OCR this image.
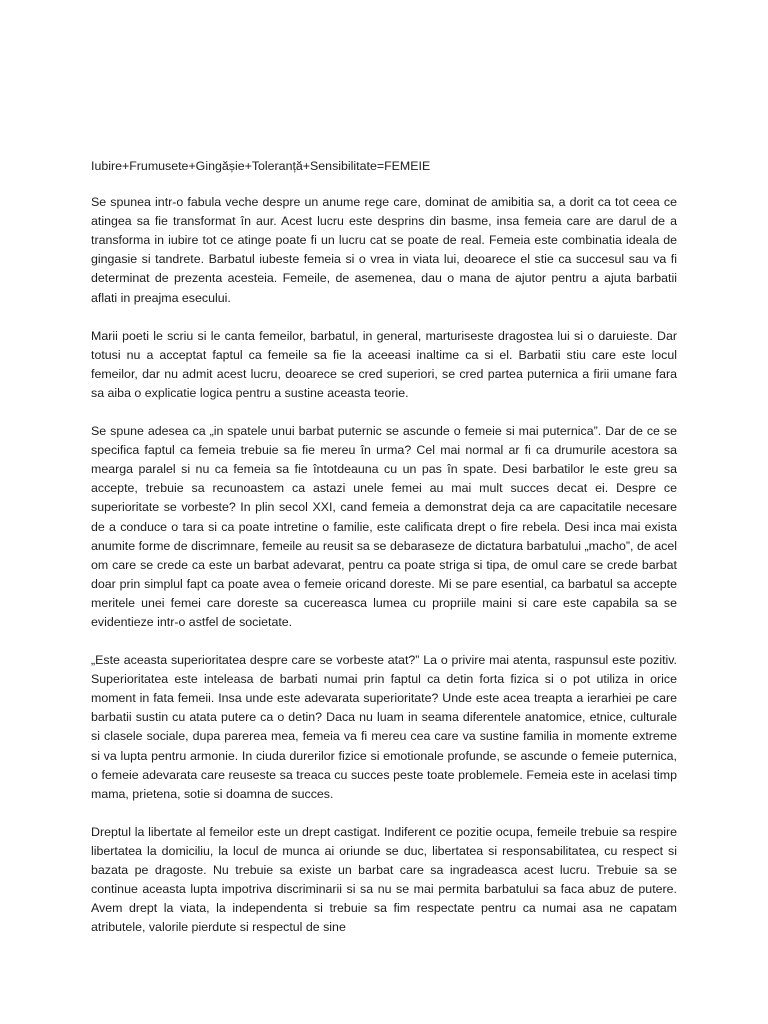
Iubire+Frumusete+Gingășie+Toleranță+Sensibilitate=FEMEIE

Se spunea intr-o fabula veche despre un anume rege care, dominat de amibitia sa, a dorit ca tot ceea ce atingea sa fie transformat în aur. Acest lucru este desprins din basme, insa femeia care are darul de a transforma in iubire tot ce atinge poate fi un lucru cat se poate de real. Femeia este combinatia ideala de gingasie si tandrete. Barbatul iubeste femeia si o vrea in viata lui, deoarece el stie ca succesul sau va fi determinat de prezenta acesteia. Femeile, de asemenea, dau o mana de ajutor pentru a ajuta barbatii aflati in preajma esecului.

Marii poeti le scriu si le canta femeilor, barbatul, in general, marturiseste dragostea lui si o daruieste. Dar totusi nu a acceptat faptul ca femeile sa fie la aceeasi inaltime ca si el. Barbatii stiu care este locul femeilor, dar nu admit acest lucru, deoarece se cred superiori, se cred partea puternica a firii umane fara sa aiba o explicatie logica pentru a sustine aceasta teorie.

Se spune adesea ca „in spatele unui barbat puternic se ascunde o femeie si mai puternica”. Dar de ce se specifica faptul ca femeia trebuie sa fie mereu în urma? Cel mai normal ar fi ca drumurile acestora sa mearga paralel si nu ca femeia sa fie întotdeauna cu un pas în spate. Desi barbatilor le este greu sa accepte, trebuie sa recunoastem ca astazi unele femei au mai mult succes decat ei. Despre ce superioritate se vorbeste? In plin secol XXI, cand femeia a demonstrat deja ca are capacitatile necesare de a conduce o tara si ca poate intretine o familie, este calificata drept o fire rebela. Desi inca mai exista anumite forme de discrimnare, femeile au reusit sa se debaraseze de dictatura barbatului „macho”, de acel om care se crede ca este un barbat adevarat, pentru ca poate striga si tipa, de omul care se crede barbat doar prin simplul fapt ca poate avea o femeie oricand doreste. Mi se pare esential, ca barbatul sa accepte meritele unei femei care doreste sa cucereasca lumea cu propriile maini si care este capabila sa se evidentieze intr-o astfel de societate.

„Este aceasta superioritatea despre care se vorbeste atat?” La o privire mai atenta, raspunsul este pozitiv. Superioritatea este inteleasa de barbati numai prin faptul ca detin forta fizica si o pot utiliza in orice moment in fata femeii. Insa unde este adevarata superioritate? Unde este acea treapta a ierarhiei pe care barbatii sustin cu atata putere ca o detin? Daca nu luam in seama diferentele anatomice, etnice, culturale si clasele sociale, dupa parerea mea, femeia va fi mereu cea care va sustine familia in momente extreme si va lupta pentru armonie. In ciuda durerilor fizice si emotionale profunde, se ascunde o femeie puternica, o femeie adevarata care reuseste sa treaca cu succes peste toate problemele. Femeia este in acelasi timp mama, prietena, sotie si doamna de succes.

Dreptul la libertate al femeilor este un drept castigat. Indiferent ce pozitie ocupa, femeile trebuie sa respire libertatea la domiciliu, la locul de munca ai oriunde se duc, libertatea si responsabilitatea, cu respect si bazata pe dragoste. Nu trebuie sa existe un barbat care sa ingradeasca acest lucru. Trebuie sa se continue aceasta lupta impotriva discriminarii si sa nu se mai permita barbatului sa faca abuz de putere. Avem drept la viata, la independenta si trebuie sa fim respectate pentru ca numai asa ne capatam atributele, valorile pierdute si respectul de sine
